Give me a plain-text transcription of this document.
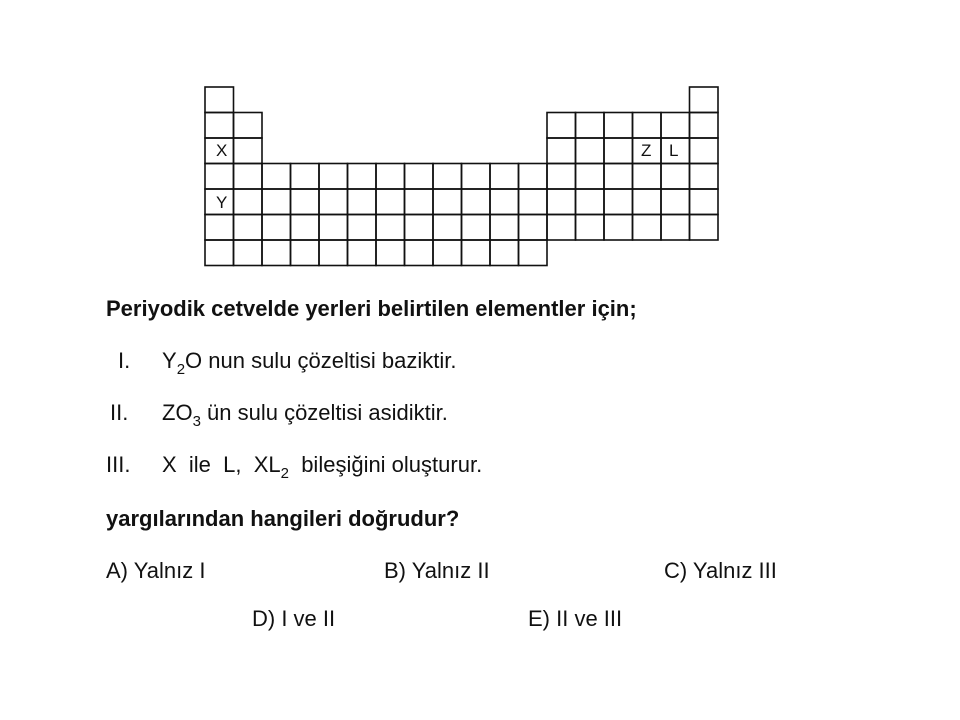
X
Y
Z L
Periyodik cetvelde yerleri belirtilen elementler için;
I.	$Y_2O$ nun sulu çözeltisi baziktir.
II.	$ZO_3$ ün sulu çözeltisi asidiktir.
III.	X  ile  L,  $XL_2$  bileşiğini oluşturur.
yargılarından hangileri doğrudur?
A) Yalnız I	B) Yalnız II	C) Yalnız III
D) I ve II	E) II ve III
